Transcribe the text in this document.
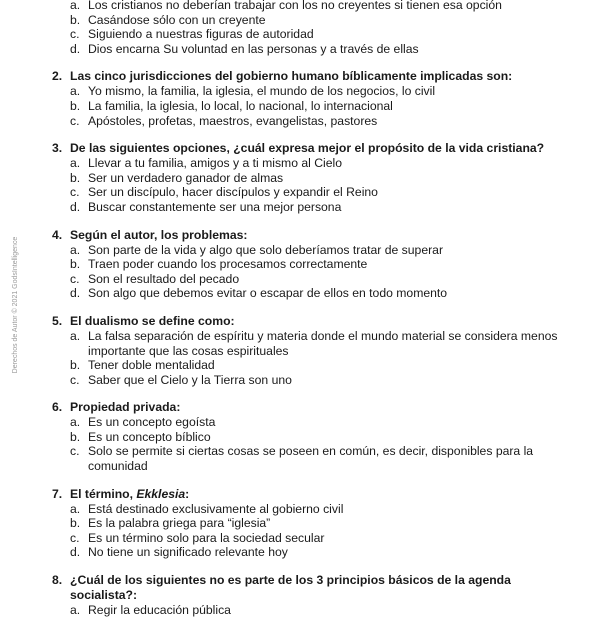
Derechos de Autor © 2021 GodsIntelligence
a. Los cristianos no deberían trabajar con los no creyentes si tienen esa opción
b. Casándose sólo con un creyente
c. Siguiendo a nuestras figuras de autoridad
d. Dios encarna Su voluntad en las personas y a través de ellas
2. Las cinco jurisdicciones del gobierno humano bíblicamente implicadas son:
a. Yo mismo, la familia, la iglesia, el mundo de los negocios, lo civil
b. La familia, la iglesia, lo local, lo nacional, lo internacional
c. Apóstoles, profetas, maestros, evangelistas, pastores
3. De las siguientes opciones, ¿cuál expresa mejor el propósito de la vida cristiana?
a. Llevar a tu familia, amigos y a ti mismo al Cielo
b. Ser un verdadero ganador de almas
c. Ser un discípulo, hacer discípulos y expandir el Reino
d. Buscar constantemente ser una mejor persona
4. Según el autor, los problemas:
a. Son parte de la vida y algo que solo deberíamos tratar de superar
b. Traen poder cuando los procesamos correctamente
c. Son el resultado del pecado
d. Son algo que debemos evitar o escapar de ellos en todo momento
5. El dualismo se define como:
a. La falsa separación de espíritu y materia donde el mundo material se considera menos importante que las cosas espirituales
b. Tener doble mentalidad
c. Saber que el Cielo y la Tierra son uno
6. Propiedad privada:
a. Es un concepto egoísta
b. Es un concepto bíblico
c. Solo se permite si ciertas cosas se poseen en común, es decir, disponibles para la comunidad
7. El término, Ekklesia:
a. Está destinado exclusivamente al gobierno civil
b. Es la palabra griega para “iglesia”
c. Es un término solo para la sociedad secular
d. No tiene un significado relevante hoy
8. ¿Cuál de los siguientes no es parte de los 3 principios básicos de la agenda socialista?:
a. Regir la educación pública
